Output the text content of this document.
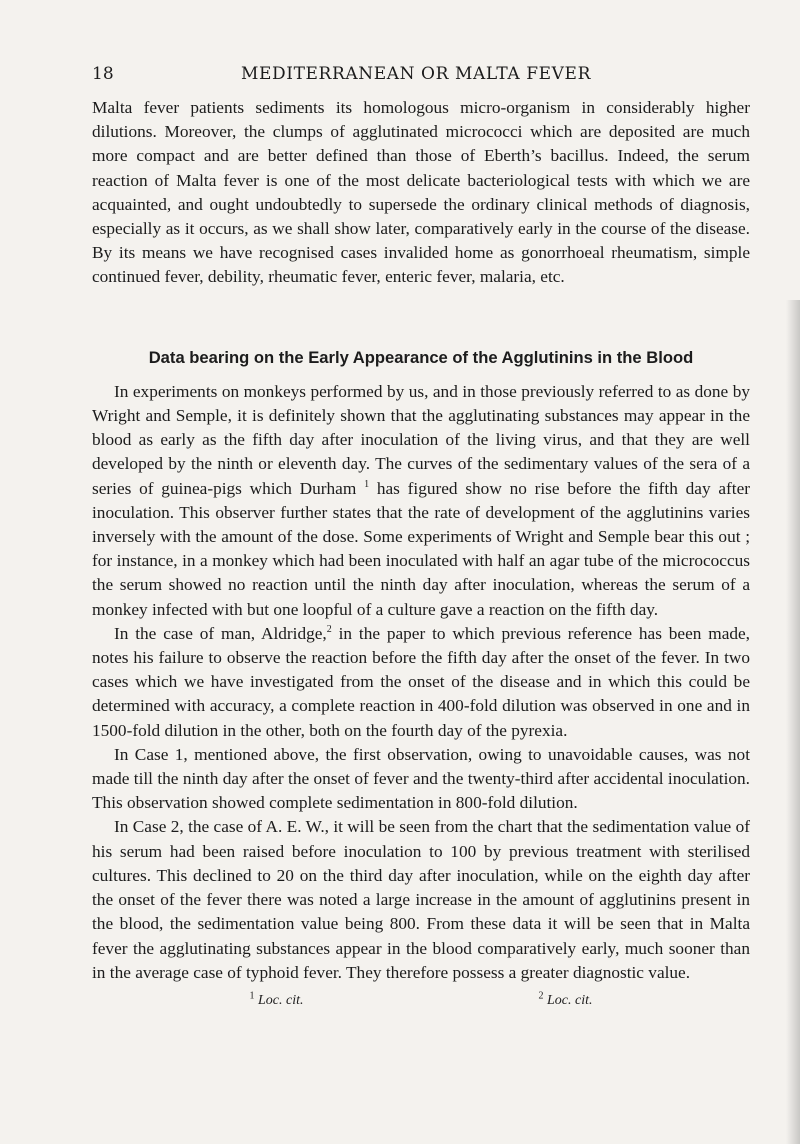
18	MEDITERRANEAN OR MALTA FEVER

Malta fever patients sediments its homologous micro-organism in considerably higher dilutions. Moreover, the clumps of agglutinated micrococci which are deposited are much more compact and are better defined than those of Eberth’s bacillus. Indeed, the serum reaction of Malta fever is one of the most delicate bacteriological tests with which we are acquainted, and ought undoubtedly to supersede the ordinary clinical methods of diagnosis, especially as it occurs, as we shall show later, comparatively early in the course of the disease. By its means we have recognised cases invalided home as gonorrhoeal rheumatism, simple continued fever, debility, rheumatic fever, enteric fever, malaria, etc.

Data bearing on the Early Appearance of the Agglutinins in the Blood

In experiments on monkeys performed by us, and in those previously referred to as done by Wright and Semple, it is definitely shown that the agglutinating substances may appear in the blood as early as the fifth day after inoculation of the living virus, and that they are well developed by the ninth or eleventh day. The curves of the sedimentary values of the sera of a series of guinea-pigs which Durham $^1$ has figured show no rise before the fifth day after inoculation. This observer further states that the rate of development of the agglutinins varies inversely with the amount of the dose. Some experiments of Wright and Semple bear this out ; for instance, in a monkey which had been inoculated with half an agar tube of the micrococcus the serum showed no reaction until the ninth day after inoculation, whereas the serum of a monkey infected with but one loopful of a culture gave a reaction on the fifth day.

In the case of man, Aldridge,$^2$ in the paper to which previous reference has been made, notes his failure to observe the reaction before the fifth day after the onset of the fever. In two cases which we have investigated from the onset of the disease and in which this could be determined with accuracy, a complete reaction in 400-fold dilution was observed in one and in 1500-fold dilution in the other, both on the fourth day of the pyrexia.

In Case 1, mentioned above, the first observation, owing to unavoidable causes, was not made till the ninth day after the onset of fever and the twenty-third after accidental inoculation. This observation showed complete sedimentation in 800-fold dilution.

In Case 2, the case of A. E. W., it will be seen from the chart that the sedimentation value of his serum had been raised before inoculation to 100 by previous treatment with sterilised cultures. This declined to 20 on the third day after inoculation, while on the eighth day after the onset of the fever there was noted a large increase in the amount of agglutinins present in the blood, the sedimentation value being 800. From these data it will be seen that in Malta fever the agglutinating substances appear in the blood comparatively early, much sooner than in the average case of typhoid fever. They therefore possess a greater diagnostic value.

$^1$ Loc. cit.	$^2$ Loc. cit.
